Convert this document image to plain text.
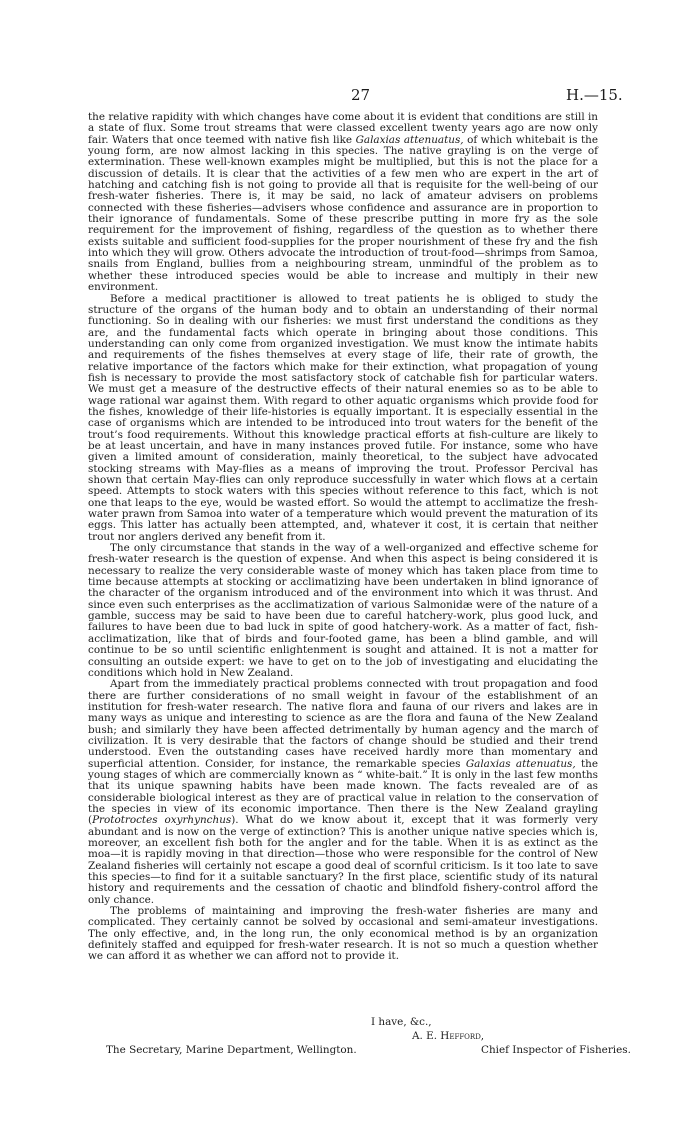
27	H.—15.

the relative rapidity with which changes have come about it is evident that conditions are still in a state of flux. Some trout streams that were classed excellent twenty years ago are now only fair. Waters that once teemed with native fish like Galaxias attenuatus, of which whitebait is the young form, are now almost lacking in this species. The native grayling is on the verge of extermination. These well-known examples might be multiplied, but this is not the place for a discussion of details. It is clear that the activities of a few men who are expert in the art of hatching and catching fish is not going to provide all that is requisite for the well-being of our fresh-water fisheries. There is, it may be said, no lack of amateur advisers on problems connected with these fisheries—advisers whose confidence and assurance are in proportion to their ignorance of fundamentals. Some of these prescribe putting in more fry as the sole requirement for the improvement of fishing, regardless of the question as to whether there exists suitable and sufficient food-supplies for the proper nourishment of these fry and the fish into which they will grow. Others advocate the introduction of trout-food—shrimps from Samoa, snails from England, bullies from a neighbouring stream, unmindful of the problem as to whether these introduced species would be able to increase and multiply in their new environment.

Before a medical practitioner is allowed to treat patients he is obliged to study the structure of the organs of the human body and to obtain an understanding of their normal functioning. So in dealing with our fisheries: we must first understand the conditions as they are, and the fundamental facts which operate in bringing about those conditions. This understanding can only come from organized investigation. We must know the intimate habits and requirements of the fishes themselves at every stage of life, their rate of growth, the relative importance of the factors which make for their extinction, what propagation of young fish is necessary to provide the most satisfactory stock of catchable fish for particular waters. We must get a measure of the destructive effects of their natural enemies so as to be able to wage rational war against them. With regard to other aquatic organisms which provide food for the fishes, knowledge of their life-histories is equally important. It is especially essential in the case of organisms which are intended to be introduced into trout waters for the benefit of the trout’s food requirements. Without this knowledge practical efforts at fish-culture are likely to be at least uncertain, and have in many instances proved futile. For instance, some who have given a limited amount of consideration, mainly theoretical, to the subject have advocated stocking streams with May-flies as a means of improving the trout. Professor Percival has shown that certain May-flies can only reproduce successfully in water which flows at a certain speed. Attempts to stock waters with this species without reference to this fact, which is not one that leaps to the eye, would be wasted effort. So would the attempt to acclimatize the fresh-water prawn from Samoa into water of a temperature which would prevent the maturation of its eggs. This latter has actually been attempted, and, whatever it cost, it is certain that neither trout nor anglers derived any benefit from it.

The only circumstance that stands in the way of a well-organized and effective scheme for fresh-water research is the question of expense. And when this aspect is being considered it is necessary to realize the very considerable waste of money which has taken place from time to time because attempts at stocking or acclimatizing have been undertaken in blind ignorance of the character of the organism introduced and of the environment into which it was thrust. And since even such enterprises as the acclimatization of various Salmonidæ were of the nature of a gamble, success may be said to have been due to careful hatchery-work, plus good luck, and failures to have been due to bad luck in spite of good hatchery-work. As a matter of fact, fish-acclimatization, like that of birds and four-footed game, has been a blind gamble, and will continue to be so until scientific enlightenment is sought and attained. It is not a matter for consulting an outside expert: we have to get on to the job of investigating and elucidating the conditions which hold in New Zealand.

Apart from the immediately practical problems connected with trout propagation and food there are further considerations of no small weight in favour of the establishment of an institution for fresh-water research. The native flora and fauna of our rivers and lakes are in many ways as unique and interesting to science as are the flora and fauna of the New Zealand bush; and similarly they have been affected detrimentally by human agency and the march of civilization. It is very desirable that the factors of change should be studied and their trend understood. Even the outstanding cases have received hardly more than momentary and superficial attention. Consider, for instance, the remarkable species Galaxias attenuatus, the young stages of which are commercially known as “ white-bait.” It is only in the last few months that its unique spawning habits have been made known. The facts revealed are of as considerable biological interest as they are of practical value in relation to the conservation of the species in view of its economic importance. Then there is the New Zealand grayling (Prototroctes oxyrhynchus). What do we know about it, except that it was formerly very abundant and is now on the verge of extinction? This is another unique native species which is, moreover, an excellent fish both for the angler and for the table. When it is as extinct as the moa—it is rapidly moving in that direction—those who were responsible for the control of New Zealand fisheries will certainly not escape a good deal of scornful criticism. Is it too late to save this species—to find for it a suitable sanctuary? In the first place, scientific study of its natural history and requirements and the cessation of chaotic and blindfold fishery-control afford the only chance.

The problems of maintaining and improving the fresh-water fisheries are many and complicated. They certainly cannot be solved by occasional and semi-amateur investigations. The only effective, and, in the long run, the only economical method is by an organization definitely staffed and equipped for fresh-water research. It is not so much a question whether we can afford it as whether we can afford not to provide it.

I have, &c.,
A. E. Hefford,
The Secretary, Marine Department, Wellington.	Chief Inspector of Fisheries.
